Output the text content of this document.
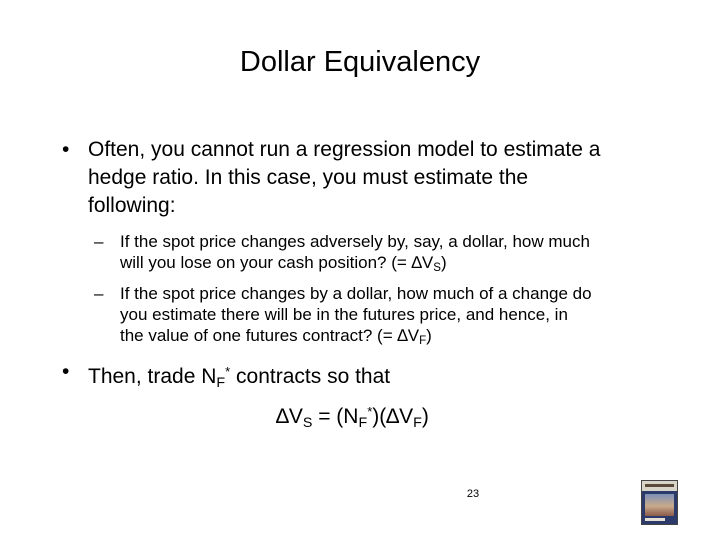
Dollar Equivalency
• Often, you cannot run a regression model to estimate a
hedge ratio. In this case, you must estimate the
following:
– If the spot price changes adversely by, say, a dollar, how much
will you lose on your cash position? (= ∆VS)
– If the spot price changes by a dollar, how much of a change do
you estimate there will be in the futures price, and hence, in
the value of one futures contract? (= ∆VF)
• Then, trade NF* contracts so that
∆VS = (NF*)(∆VF)
23
